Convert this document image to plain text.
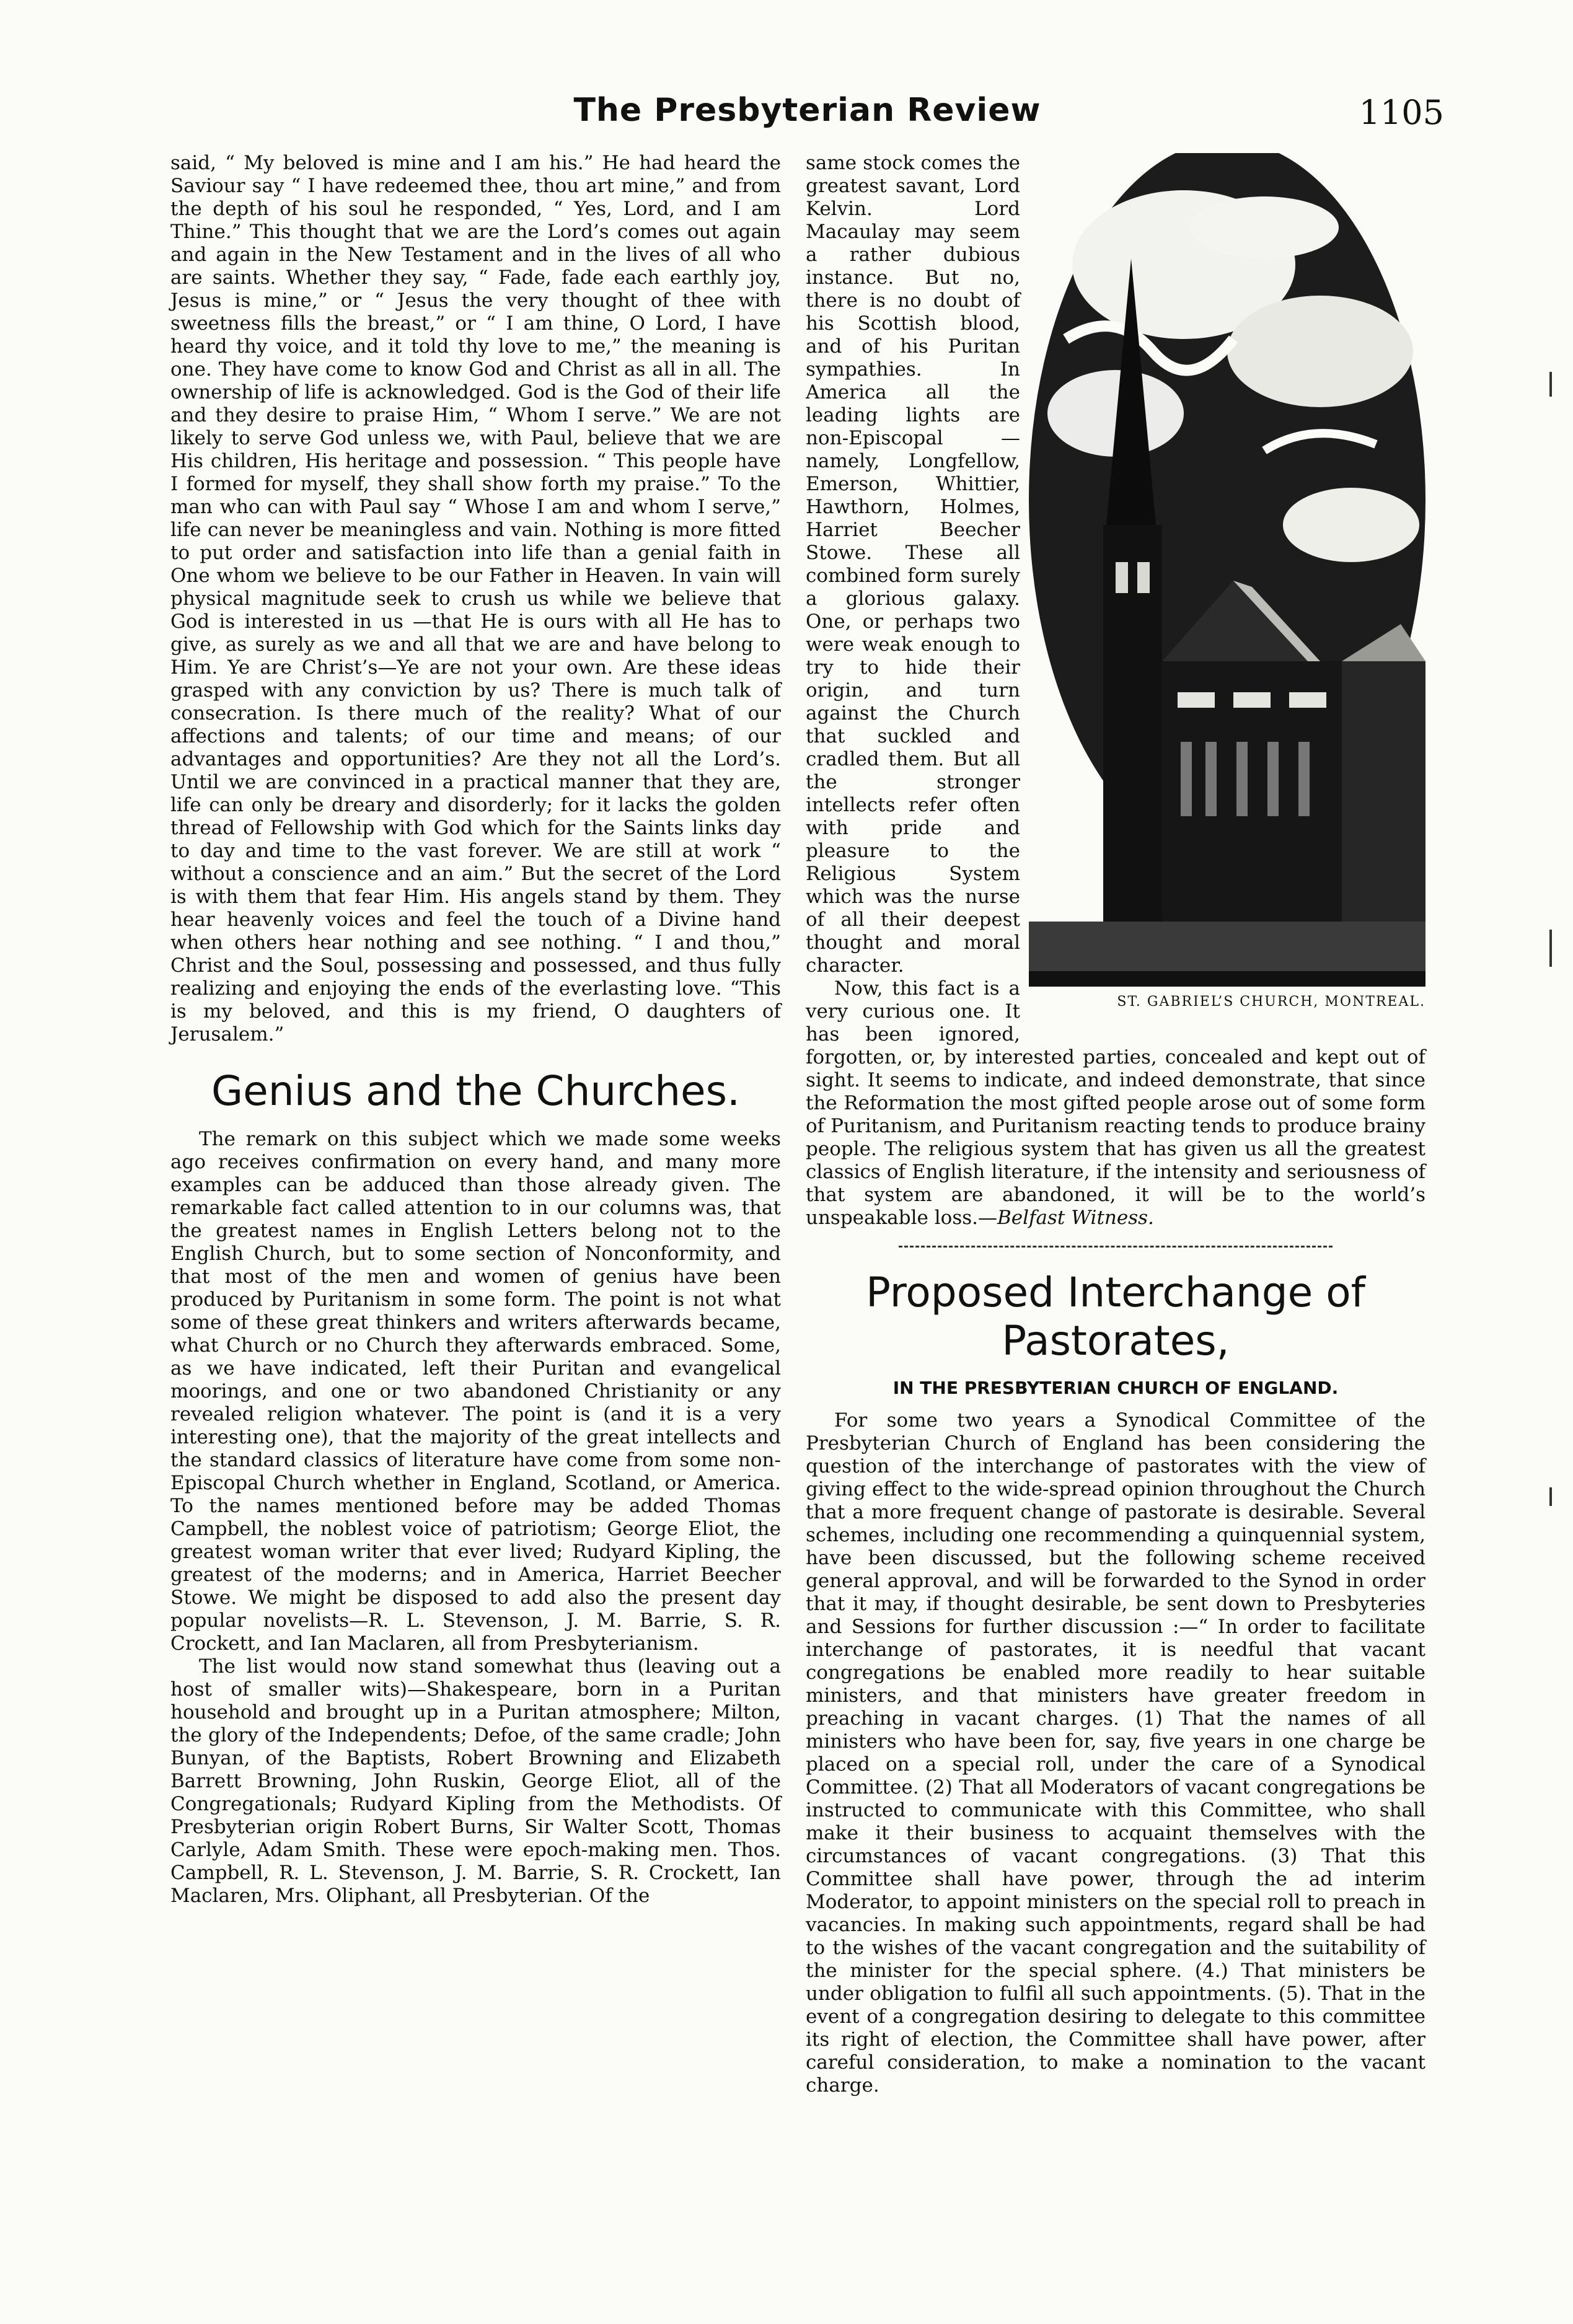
The Presbyterian Review	1105

said, “ My beloved is mine and I am his.” He had heard the Saviour say “ I have redeemed thee, thou art mine,” and from the depth of his soul he responded, “ Yes, Lord, and I am Thine.” This thought that we are the Lord’s comes out again and again in the New Testament and in the lives of all who are saints. Whether they say, “ Fade, fade each earthly joy, Jesus is mine,” or “ Jesus the very thought of thee with sweetness fills the breast,” or “ I am thine, O Lord, I have heard thy voice, and it told thy love to me,” the meaning is one. They have come to know God and Christ as all in all. The ownership of life is acknowledged. God is the God of their life and they desire to praise Him, “ Whom I serve.” We are not likely to serve God unless we, with Paul, believe that we are His children, His heritage and possession. “ This people have I formed for myself, they shall show forth my praise.” To the man who can with Paul say “ Whose I am and whom I serve,” life can never be meaningless and vain. Nothing is more fitted to put order and satisfaction into life than a genial faith in One whom we believe to be our Father in Heaven. In vain will physical magnitude seek to crush us while we believe that God is interested in us —that He is ours with all He has to give, as surely as we and all that we are and have belong to Him. Ye are Christ’s—Ye are not your own. Are these ideas grasped with any conviction by us? There is much talk of consecration. Is there much of the reality? What of our affections and talents; of our time and means; of our advantages and opportunities? Are they not all the Lord’s. Until we are convinced in a practical manner that they are, life can only be dreary and disorderly; for it lacks the golden thread of Fellowship with God which for the Saints links day to day and time to the vast forever. We are still at work “ without a conscience and an aim.” But the secret of the Lord is with them that fear Him. His angels stand by them. They hear heavenly voices and feel the touch of a Divine hand when others hear nothing and see nothing. “ I and thou,” Christ and the Soul, possessing and possessed, and thus fully realizing and enjoying the ends of the everlasting love. “This is my beloved, and this is my friend, O daughters of Jerusalem.”

Genius and the Churches.

The remark on this subject which we made some weeks ago receives confirmation on every hand, and many more examples can be adduced than those already given. The remarkable fact called attention to in our columns was, that the greatest names in English Letters belong not to the English Church, but to some section of Nonconformity, and that most of the men and women of genius have been produced by Puritanism in some form. The point is not what some of these great thinkers and writers afterwards became, what Church or no Church they afterwards embraced. Some, as we have indicated, left their Puritan and evangelical moorings, and one or two abandoned Christianity or any revealed religion whatever. The point is (and it is a very interesting one), that the majority of the great intellects and the standard classics of literature have come from some non-Episcopal Church whether in England, Scotland, or America. To the names mentioned before may be added Thomas Campbell, the noblest voice of patriotism; George Eliot, the greatest woman writer that ever lived; Rudyard Kipling, the greatest of the moderns; and in America, Harriet Beecher Stowe. We might be disposed to add also the present day popular novelists—R. L. Stevenson, J. M. Barrie, S. R. Crockett, and Ian Maclaren, all from Presbyterianism.

The list would now stand somewhat thus (leaving out a host of smaller wits)—Shakespeare, born in a Puritan household and brought up in a Puritan atmosphere; Milton, the glory of the Independents; Defoe, of the same cradle; John Bunyan, of the Baptists, Robert Browning and Elizabeth Barrett Browning, John Ruskin, George Eliot, all of the Congregationals; Rudyard Kipling from the Methodists. Of Presbyterian origin Robert Burns, Sir Walter Scott, Thomas Carlyle, Adam Smith. These were epoch-making men. Thos. Campbell, R. L. Stevenson, J. M. Barrie, S. R. Crockett, Ian Maclaren, Mrs. Oliphant, all Presbyterian. Of the

ST. GABRIEL’S CHURCH, MONTREAL.

same stock comes the greatest savant, Lord Kelvin. Lord Macaulay may seem a rather dubious instance. But no, there is no doubt of his Scottish blood, and of his Puritan sympathies. In America all the leading lights are non-Episcopal —namely, Longfellow, Emerson, Whittier, Hawthorn, Holmes, Harriet Beecher Stowe. These all combined form surely a glorious galaxy. One, or perhaps two were weak enough to try to hide their origin, and turn against the Church that suckled and cradled them. But all the stronger intellects refer often with pride and pleasure to the Religious System which was the nurse of all their deepest thought and moral character.

Now, this fact is a very curious one. It has been ignored, forgotten, or, by interested parties, concealed and kept out of sight. It seems to indicate, and indeed demonstrate, that since the Reformation the most gifted people arose out of some form of Puritanism, and Puritanism reacting tends to produce brainy people. The religious system that has given us all the greatest classics of English literature, if the intensity and seriousness of that system are abandoned, it will be to the world’s unspeakable loss.—Belfast Witness.

Proposed Interchange of Pastorates,
IN THE PRESBYTERIAN CHURCH OF ENGLAND.

For some two years a Synodical Committee of the Presbyterian Church of England has been considering the question of the interchange of pastorates with the view of giving effect to the wide-spread opinion throughout the Church that a more frequent change of pastorate is desirable. Several schemes, including one recommending a quinquennial system, have been discussed, but the following scheme received general approval, and will be forwarded to the Synod in order that it may, if thought desirable, be sent down to Presbyteries and Sessions for further discussion :—“ In order to facilitate interchange of pastorates, it is needful that vacant congregations be enabled more readily to hear suitable ministers, and that ministers have greater freedom in preaching in vacant charges. (1) That the names of all ministers who have been for, say, five years in one charge be placed on a special roll, under the care of a Synodical Committee. (2) That all Moderators of vacant congregations be instructed to communicate with this Committee, who shall make it their business to acquaint themselves with the circumstances of vacant congregations. (3) That this Committee shall have power, through the ad interim Moderator, to appoint ministers on the special roll to preach in vacancies. In making such appointments, regard shall be had to the wishes of the vacant congregation and the suitability of the minister for the special sphere. (4.) That ministers be under obligation to fulfil all such appointments. (5). That in the event of a congregation desiring to delegate to this committee its right of election, the Committee shall have power, after careful consideration, to make a nomination to the vacant charge.
